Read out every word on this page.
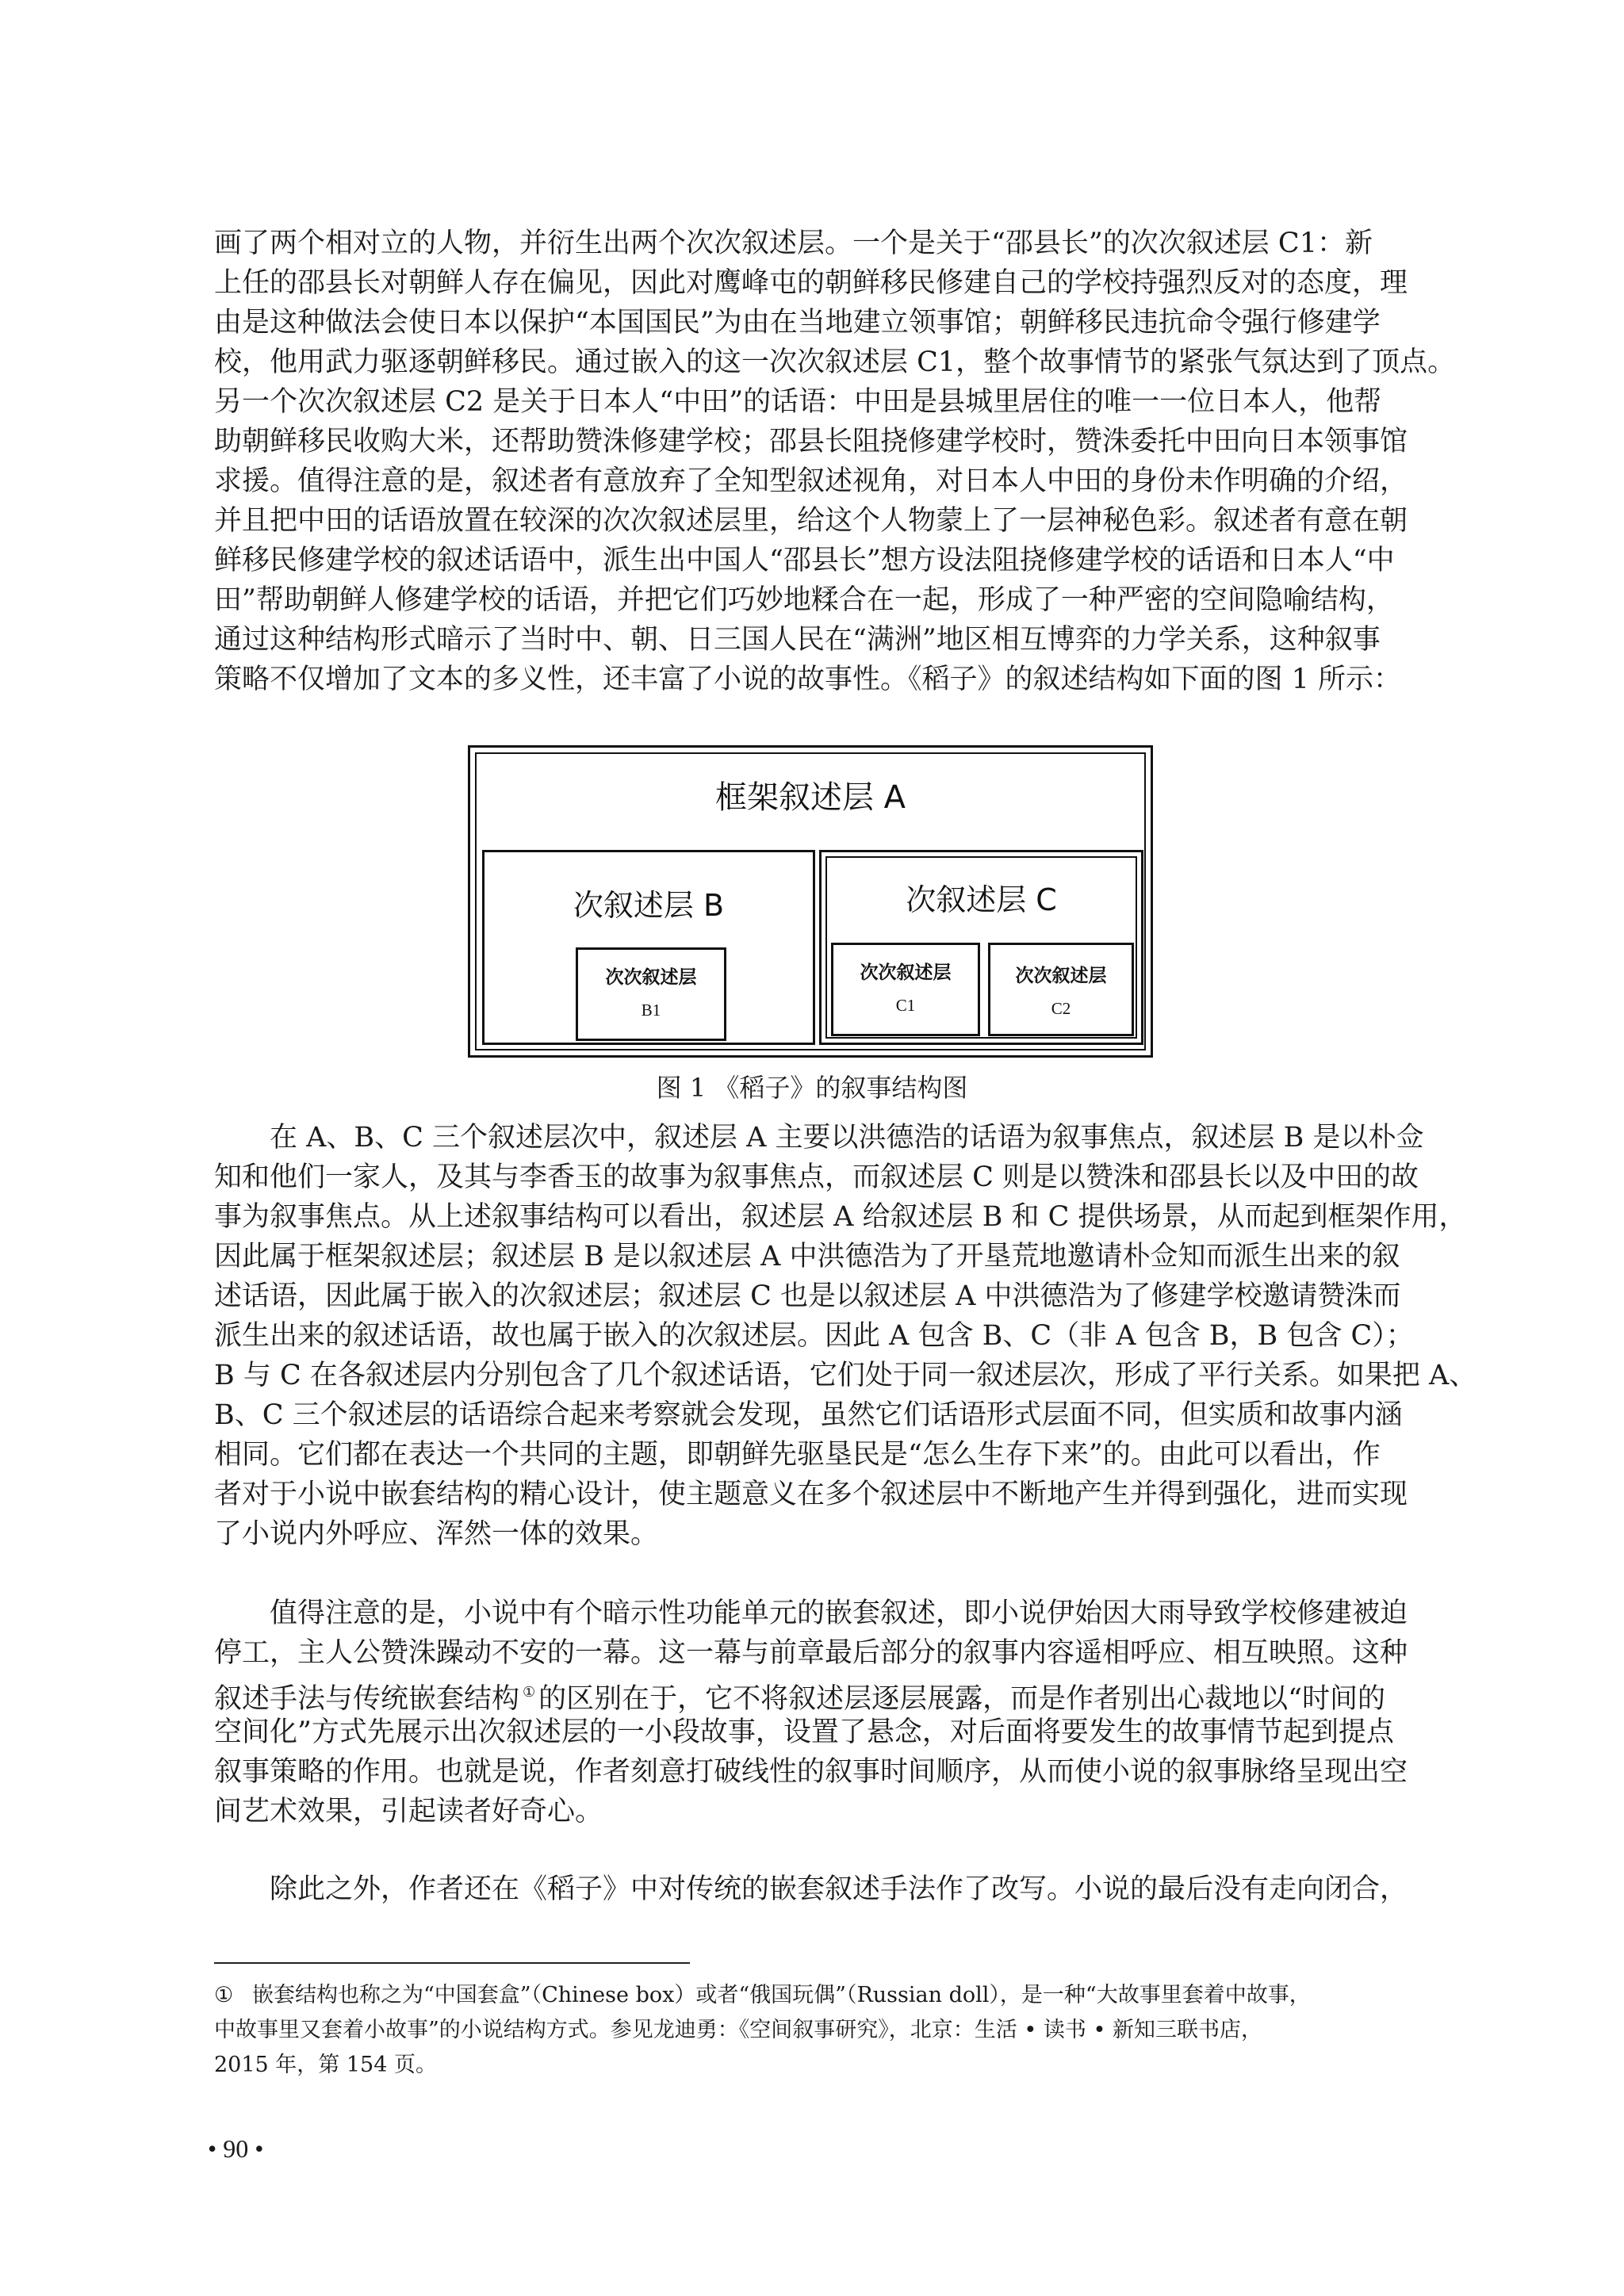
画了两个相对立的人物，并衍生出两个次次叙述层。一个是关于“邵县长”的次次叙述层 C1：新
上任的邵县长对朝鲜人存在偏见，因此对鹰峰屯的朝鲜移民修建自己的学校持强烈反对的态度，理
由是这种做法会使日本以保护“本国国民”为由在当地建立领事馆；朝鲜移民违抗命令强行修建学
校，他用武力驱逐朝鲜移民。通过嵌入的这一次次叙述层 C1，整个故事情节的紧张气氛达到了顶点。
另一个次次叙述层 C2 是关于日本人“中田”的话语：中田是县城里居住的唯一一位日本人，他帮
助朝鲜移民收购大米，还帮助赞洙修建学校；邵县长阻挠修建学校时，赞洙委托中田向日本领事馆
求援。值得注意的是，叙述者有意放弃了全知型叙述视角，对日本人中田的身份未作明确的介绍，
并且把中田的话语放置在较深的次次叙述层里，给这个人物蒙上了一层神秘色彩。叙述者有意在朝
鲜移民修建学校的叙述话语中，派生出中国人“邵县长”想方设法阻挠修建学校的话语和日本人“中
田”帮助朝鲜人修建学校的话语，并把它们巧妙地糅合在一起，形成了一种严密的空间隐喻结构，
通过这种结构形式暗示了当时中、朝、日三国人民在“满洲”地区相互博弈的力学关系，这种叙事
策略不仅增加了文本的多义性，还丰富了小说的故事性。《稻子》的叙述结构如下面的图 1 所示：
框架叙述层 A
次叙述层 B
次次叙述层
B1
次叙述层 C
次次叙述层
C1
次次叙述层
C2
图 1 《稻子》的叙事结构图
在 A、B、C 三个叙述层次中，叙述层 A 主要以洪德浩的话语为叙事焦点，叙述层 B 是以朴佥
知和他们一家人，及其与李香玉的故事为叙事焦点，而叙述层 C 则是以赞洙和邵县长以及中田的故
事为叙事焦点。从上述叙事结构可以看出，叙述层 A 给叙述层 B 和 C 提供场景，从而起到框架作用，
因此属于框架叙述层；叙述层 B 是以叙述层 A 中洪德浩为了开垦荒地邀请朴佥知而派生出来的叙
述话语，因此属于嵌入的次叙述层；叙述层 C 也是以叙述层 A 中洪德浩为了修建学校邀请赞洙而
派生出来的叙述话语，故也属于嵌入的次叙述层。因此 A 包含 B、C（非 A 包含 B，B 包含 C）；
B 与 C 在各叙述层内分别包含了几个叙述话语，它们处于同一叙述层次，形成了平行关系。如果把 A、
B、C 三个叙述层的话语综合起来考察就会发现，虽然它们话语形式层面不同，但实质和故事内涵
相同。它们都在表达一个共同的主题，即朝鲜先驱垦民是“怎么生存下来”的。由此可以看出，作
者对于小说中嵌套结构的精心设计，使主题意义在多个叙述层中不断地产生并得到强化，进而实现
了小说内外呼应、浑然一体的效果。
值得注意的是，小说中有个暗示性功能单元的嵌套叙述，即小说伊始因大雨导致学校修建被迫
停工，主人公赞洙躁动不安的一幕。这一幕与前章最后部分的叙事内容遥相呼应、相互映照。这种
叙述手法与传统嵌套结构 ① 的区别在于，它不将叙述层逐层展露，而是作者别出心裁地以“时间的
空间化”方式先展示出次叙述层的一小段故事，设置了悬念，对后面将要发生的故事情节起到提点
叙事策略的作用。也就是说，作者刻意打破线性的叙事时间顺序，从而使小说的叙事脉络呈现出空
间艺术效果，引起读者好奇心。
除此之外，作者还在《稻子》中对传统的嵌套叙述手法作了改写。小说的最后没有走向闭合，
① 嵌套结构也称之为“中国套盒”（Chinese box）或者“俄国玩偶”（Russian doll），是一种“大故事里套着中故事，
中故事里又套着小故事”的小说结构方式。参见龙迪勇：《空间叙事研究》，北京：生活 • 读书 • 新知三联书店，
2015 年，第 154 页。
• 90 •
